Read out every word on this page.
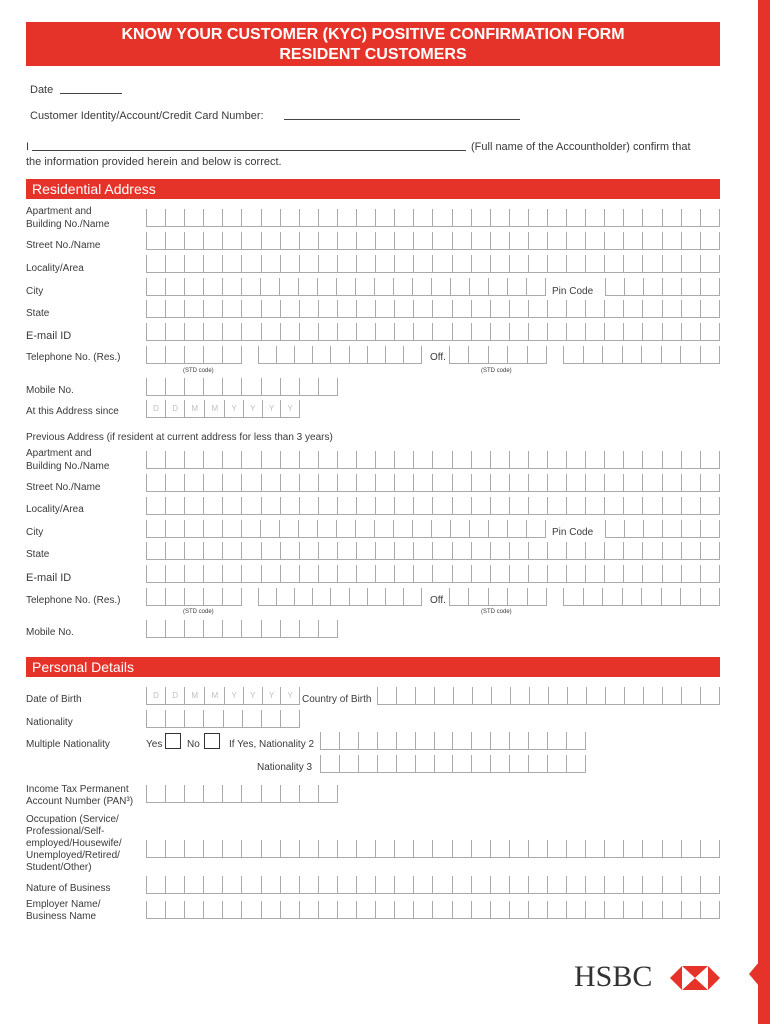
KNOW YOUR CUSTOMER (KYC) POSITIVE CONFIRMATION FORM
RESIDENT CUSTOMERS
Date
Customer Identity/Account/Credit Card Number:
I	(Full name of the Accountholder) confirm that
the information provided herein and below is correct.
Residential Address
Apartment and
Building No./Name
Street No./Name
Locality/Area
City	Pin Code
State
E-mail ID
Telephone No. (Res.)
(STD code)
Off.
(STD code)
Mobile No.
At this Address since	D	D	M	M	Y	Y	Y	Y
Previous Address (if resident at current address for less than 3 years)
Apartment and
Building No./Name
Street No./Name
Locality/Area
City	Pin Code
State
E-mail ID
Telephone No. (Res.)
(STD code)
Off.
(STD code)
Mobile No.
Personal Details
Date of Birth	D	D	M	M	Y	Y	Y	Y Country of Birth
Nationality
Multiple Nationality	Yes No	If Yes, Nationality 2
Nationality 3
Income Tax Permanent
Account Number (PAN³)
Occupation (Service/
Professional/Self-
employed/Housewife/
Unemployed/Retired/
Student/Other)
Nature of Business
Employer Name/
Business Name
HSBC
